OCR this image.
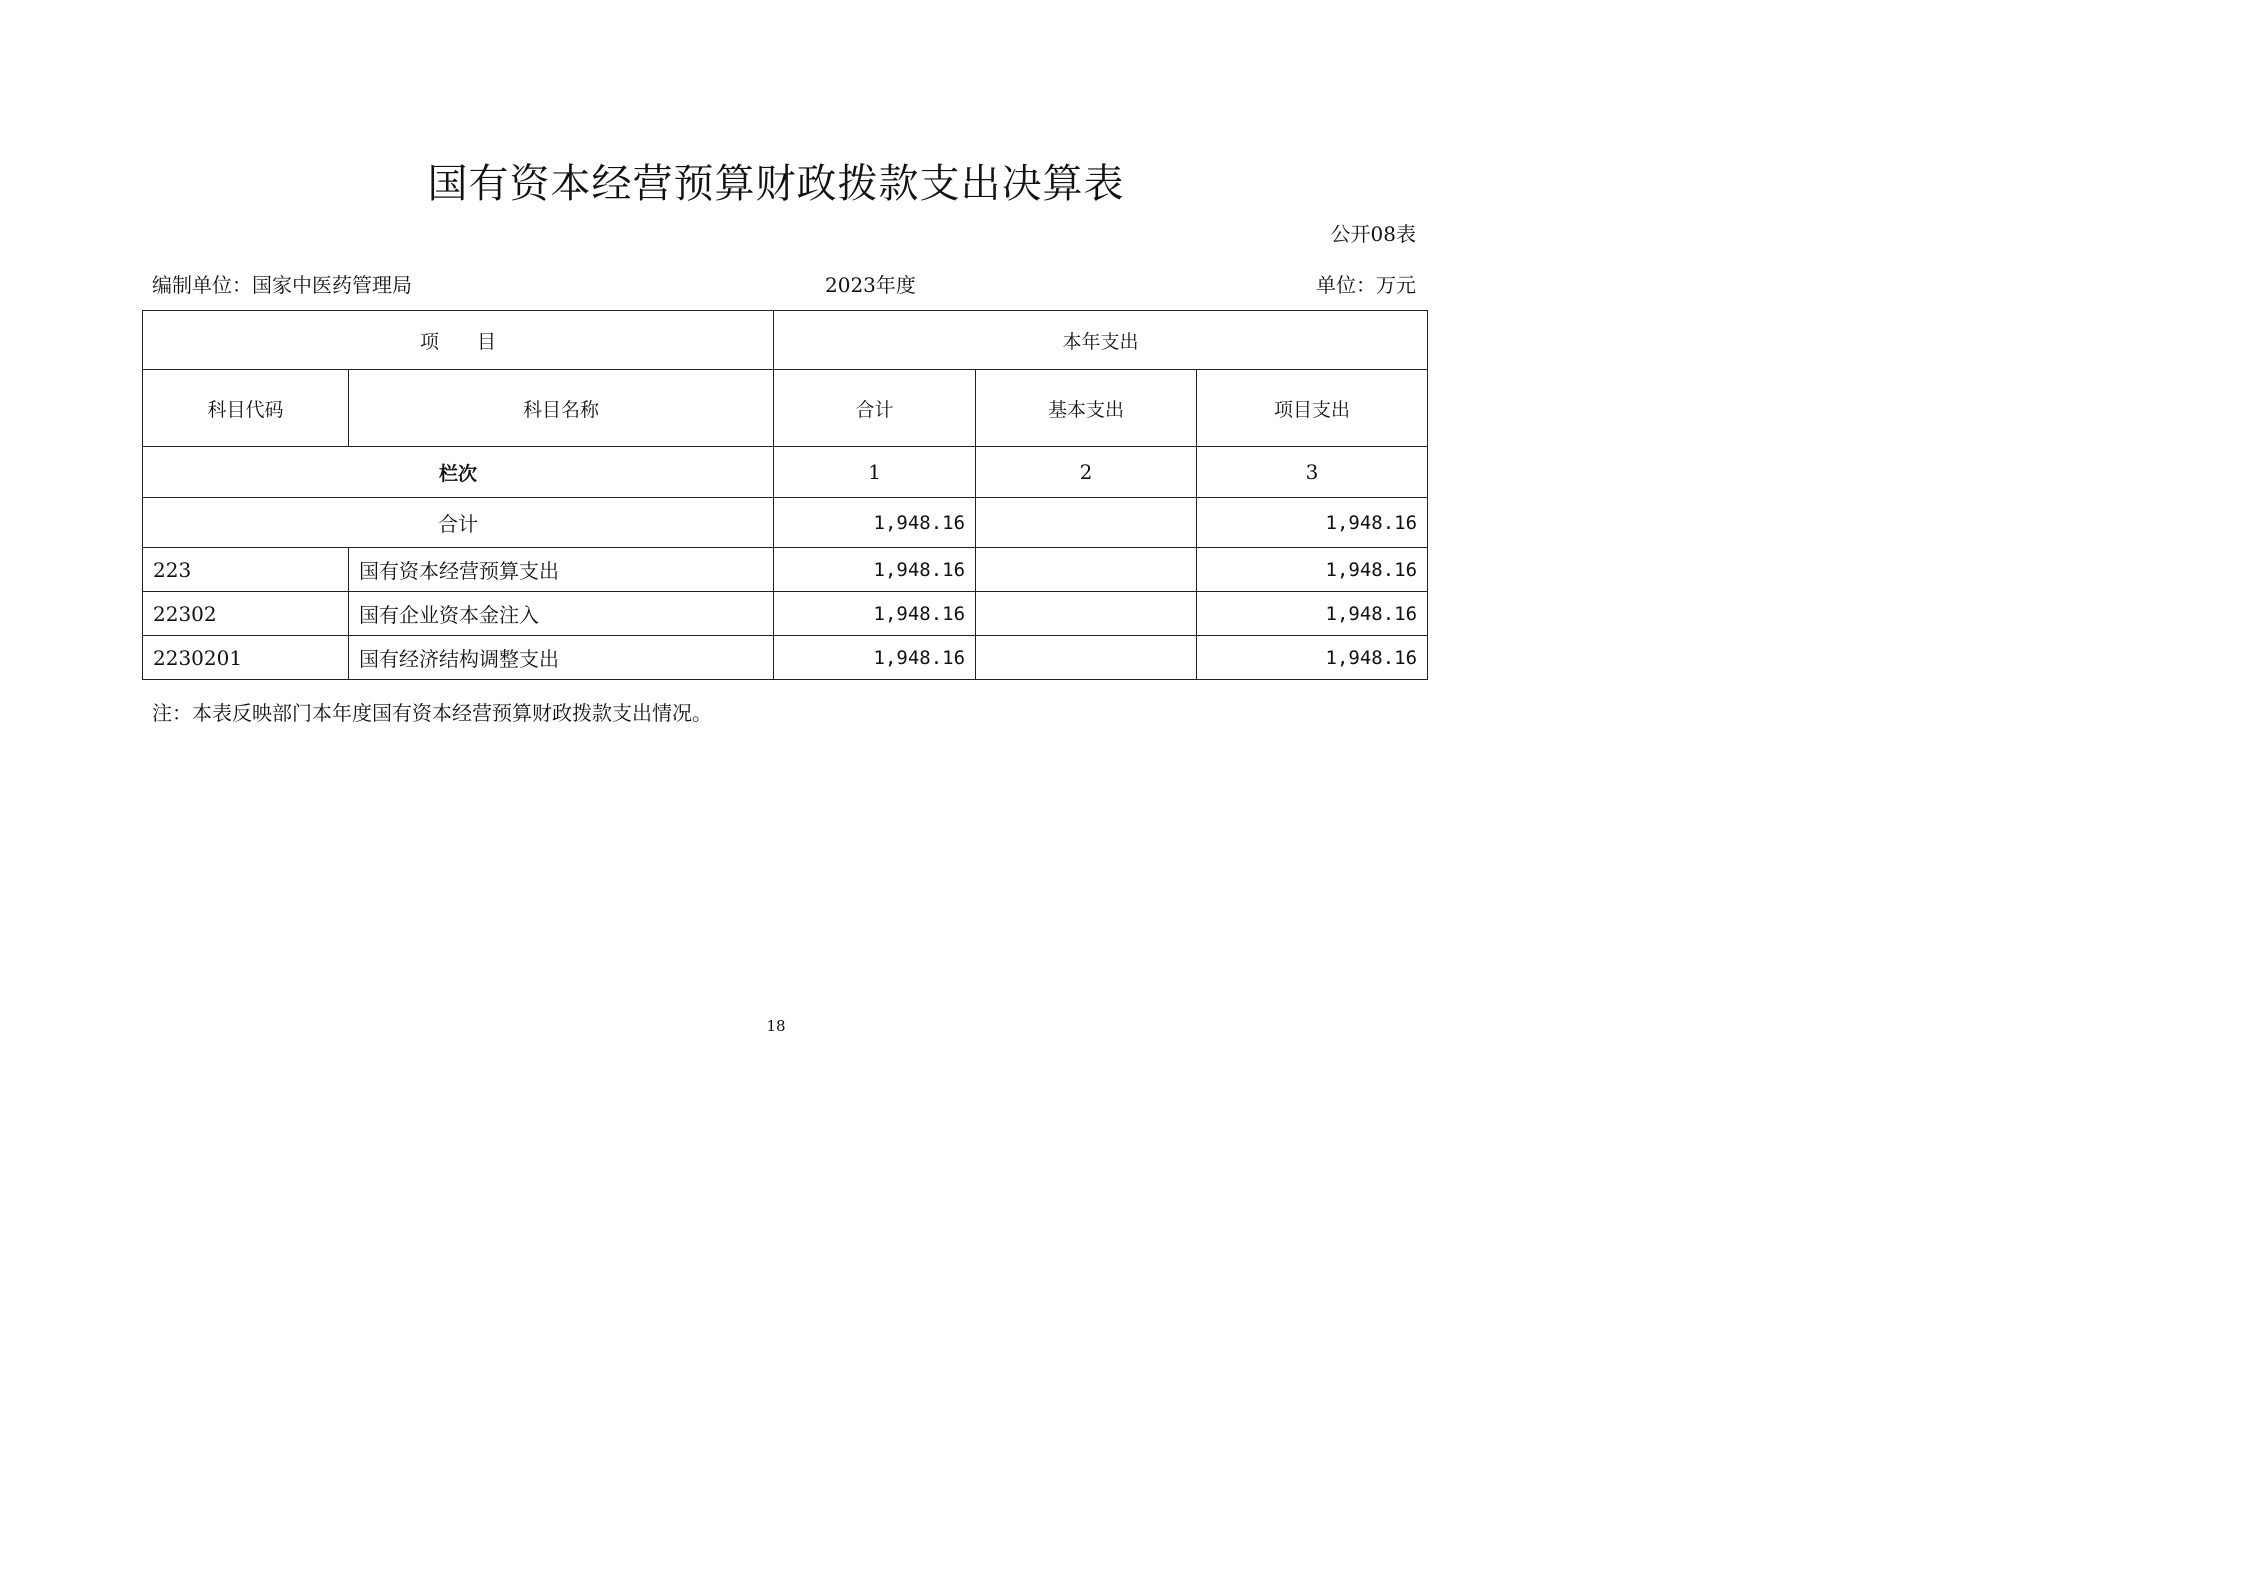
国有资本经营预算财政拨款支出决算表
公开08表
编制单位：国家中医药管理局	2023年度	单位：万元
项　　目		本年支出		
科目代码	科目名称	合计	基本支出	项目支出
栏次		1	2	3
合计		1,948.16		1,948.16
223	国有资本经营预算支出	1,948.16		1,948.16
22302	国有企业资本金注入	1,948.16		1,948.16
2230201	国有经济结构调整支出	1,948.16		1,948.16
注：本表反映部门本年度国有资本经营预算财政拨款支出情况。
18
